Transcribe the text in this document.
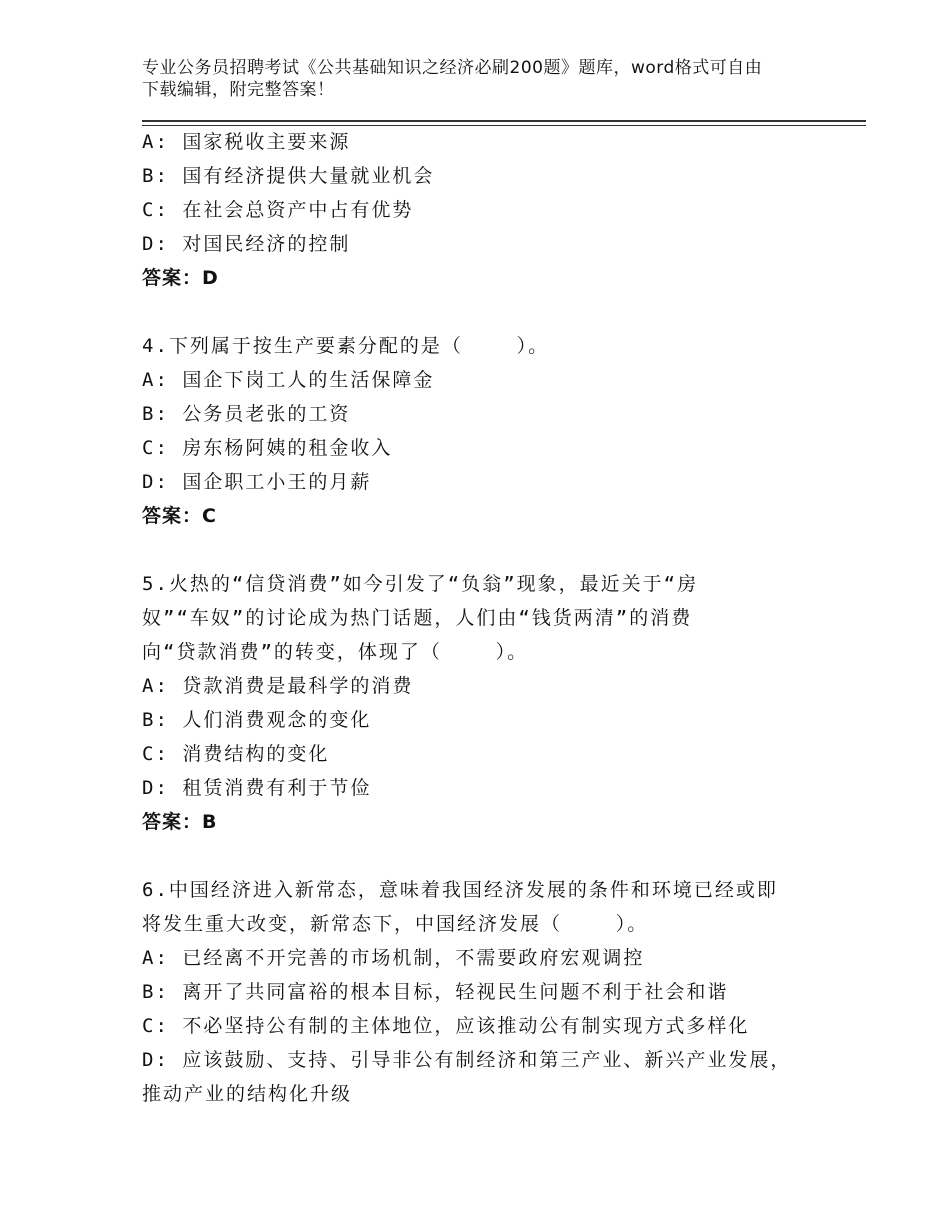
专业公务员招聘考试《公共基础知识之经济必刷200题》题库，word格式可自由
下载编辑，附完整答案！
A: 国家税收主要来源
B: 国有经济提供大量就业机会
C: 在社会总资产中占有优势
D: 对国民经济的控制
答案：D
4.下列属于按生产要素分配的是（    ）。
A: 国企下岗工人的生活保障金
B: 公务员老张的工资
C: 房东杨阿姨的租金收入
D: 国企职工小王的月薪
答案：C
5.火热的“信贷消费”如今引发了“负翁”现象，最近关于“房
奴”“车奴”的讨论成为热门话题，人们由“钱货两清”的消费
向“贷款消费”的转变，体现了（    ）。
A: 贷款消费是最科学的消费
B: 人们消费观念的变化
C: 消费结构的变化
D: 租赁消费有利于节俭
答案：B
6.中国经济进入新常态，意味着我国经济发展的条件和环境已经或即
将发生重大改变，新常态下，中国经济发展（    ）。
A: 已经离不开完善的市场机制，不需要政府宏观调控
B: 离开了共同富裕的根本目标，轻视民生问题不利于社会和谐
C: 不必坚持公有制的主体地位，应该推动公有制实现方式多样化
D: 应该鼓励、支持、引导非公有制经济和第三产业、新兴产业发展，
推动产业的结构化升级
